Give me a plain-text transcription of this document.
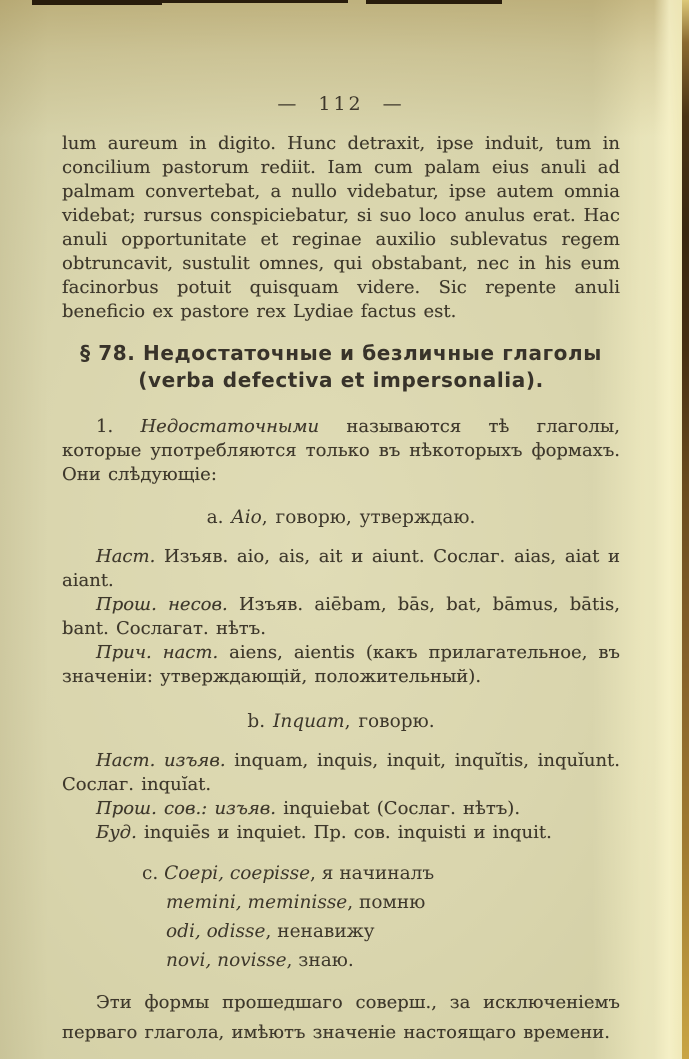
— 112 —

lum aureum in digito. Hunc detraxit, ipse induit, tum in concilium pastorum rediit. Iam cum palam eius anuli ad palmam convertebat, a nullo videbatur, ipse autem omnia videbat; rursus conspiciebatur, si suo loco anulus erat. Hac anuli opportunitate et reginae auxilio sublevatus regem obtruncavit, sustulit omnes, qui obstabant, nec in his eum facinorbus potuit quisquam videre. Sic repente anuli beneficio ex pastore rex Lydiae factus est.

§ 78. Недостаточные и безличные глаголы
(verba defectiva et impersonalia).

1. Недостаточными называются тѣ глаголы, которые употребляются только въ нѣкоторыхъ формахъ. Они слѣдующіе:

a. Aio, говорю, утверждаю.

Наст. Изъяв. aio, ais, ait и aiunt. Сослаг. aias, aiat и aiant.

Прош. несов. Изъяв. aiēbam, bās, bat, bāmus, bātis, bant. Сослагат. нѣтъ.

Прич. наст. aiens, aientis (какъ прилагательное, въ значеніи: утверждающій, положительный).

b. Inquam, говорю.

Наст. изъяв. inquam, inquis, inquit, inquĭtis, inquĭunt. Сослаг. inquĭat.

Прош. сов.: изъяв. inquiebat (Сослаг. нѣтъ).

Буд. inquiēs и inquiet. Пр. сов. inquisti и inquit.

c. Coepi, coepisse, я начиналъ
memini, meminisse, помню
odi, odisse, ненавижу
novi, novisse, знаю.

Эти формы прошедшаго соверш., за исключеніемъ перваго глагола, имѣютъ значеніе настоящаго времени.
